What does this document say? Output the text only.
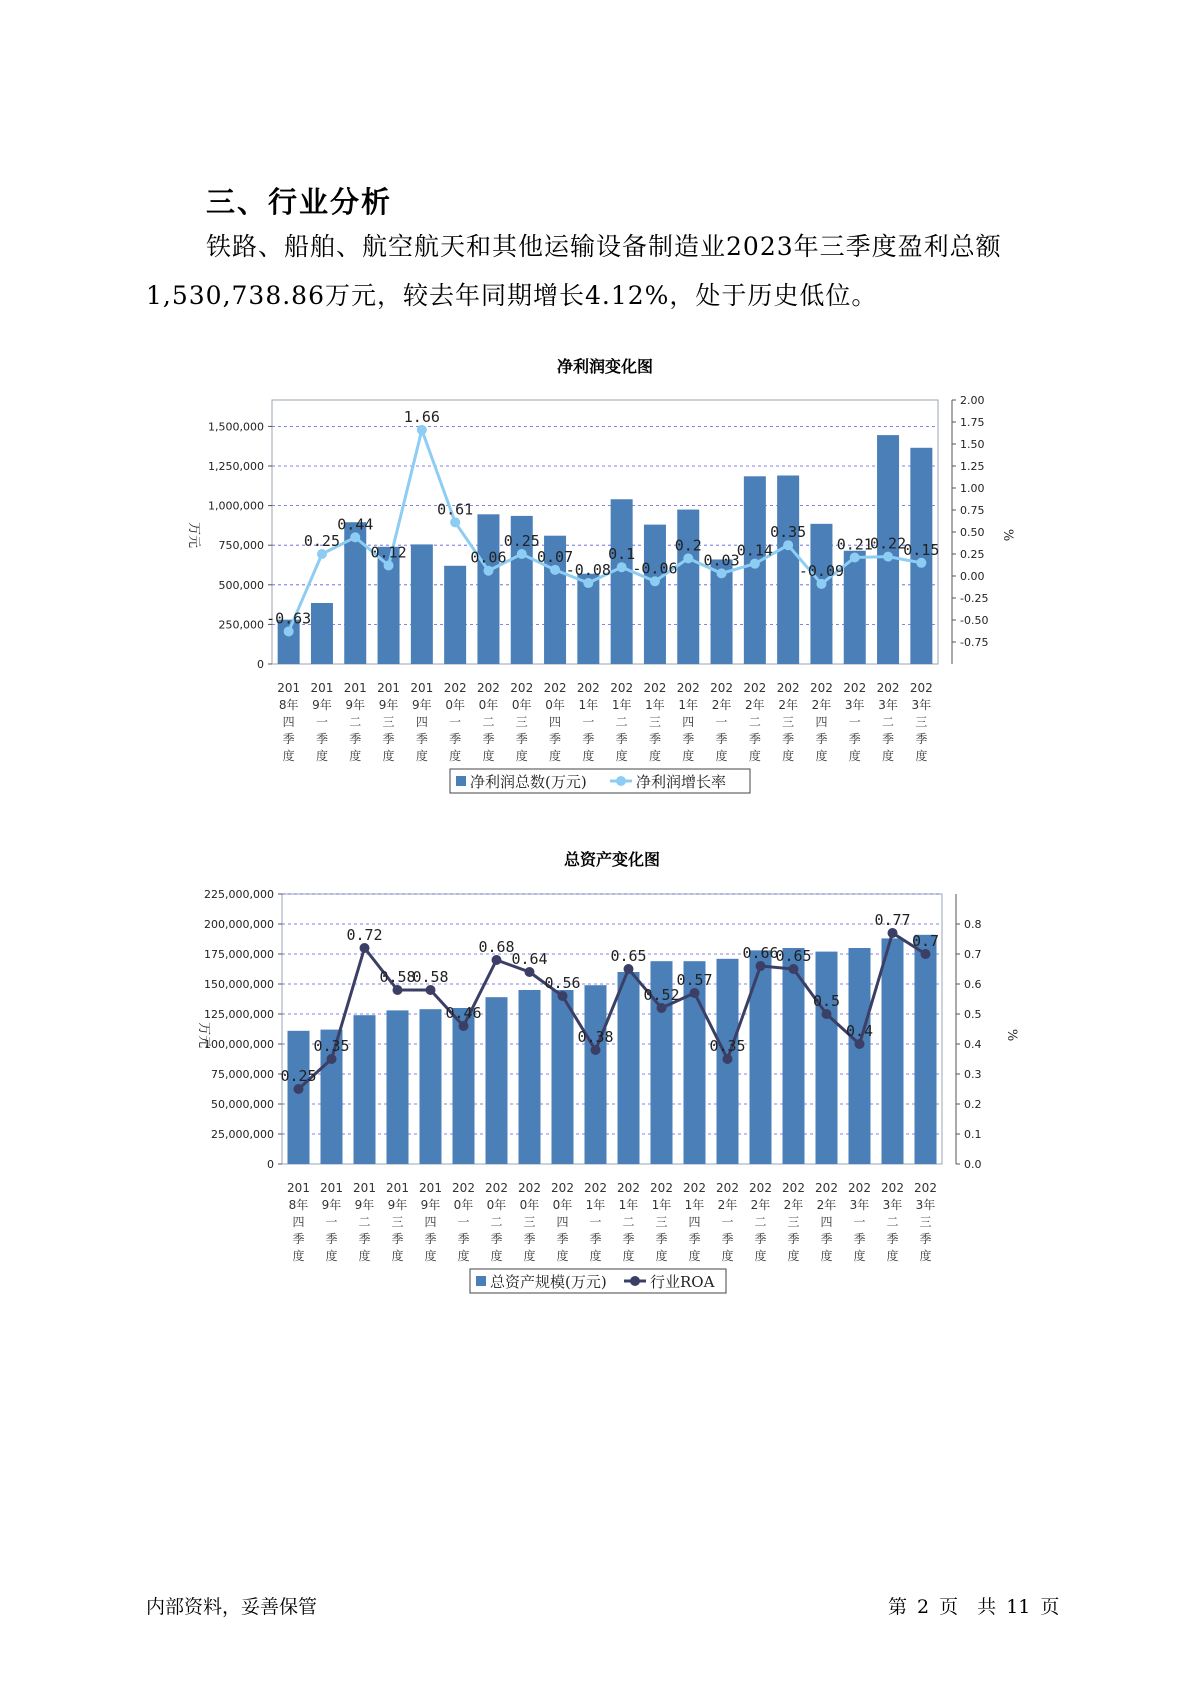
三、行业分析
铁路、船舶、航空航天和其他运输设备制造业2023年三季度盈利总额
1,530,738.86万元，较去年同期增长4.12%，处于历史低位。
净利润变化图
0
250,000
500,000
750,000
1,000,000
1,250,000
1,500,000
-0.75
-0.50
-0.25
0.00
0.25
0.50
0.75
1.00
1.25
1.50
1.75
2.00
万元	%
-0.63
0.25
0.44
0.12
1.66
0.61
0.06
0.25
0.07
-0.08
0.1
-0.06
0.2
0.03
0.14
0.35
-0.09
0.21
0.22
0.15
201 8年四季度
201 9年一季度
201 9年二季度
201 9年三季度
201 9年四季度
202 0年一季度
202 0年二季度
202 0年三季度
202 0年四季度
202 1年一季度
202 1年二季度
202 1年三季度
202 1年四季度
202 2年一季度
202 2年二季度
202 2年三季度
202 2年四季度
202 3年一季度
202 3年二季度
202 3年三季度
净利润总数(万元)	净利润增长率
总资产变化图
0
25,000,000
50,000,000
75,000,000
100,000,000
125,000,000
150,000,000
175,000,000
200,000,000
225,000,000
0.0
0.1
0.2
0.3
0.4
0.5
0.6
0.7
0.8
万元	%
0.25
0.35
0.72
0.58
0.58
0.46
0.68
0.64
0.56
0.38
0.65
0.52
0.57
0.35
0.66
0.65
0.5
0.4
0.77
0.7
201 8年四季度
201 9年一季度
201 9年二季度
201 9年三季度
201 9年四季度
202 0年一季度
202 0年二季度
202 0年三季度
202 0年四季度
202 1年一季度
202 1年二季度
202 1年三季度
202 1年四季度
202 2年一季度
202 2年二季度
202 2年三季度
202 2年四季度
202 3年一季度
202 3年二季度
202 3年三季度
总资产规模(万元)	行业ROA
内部资料，妥善保管	第 2 页　共 11 页
